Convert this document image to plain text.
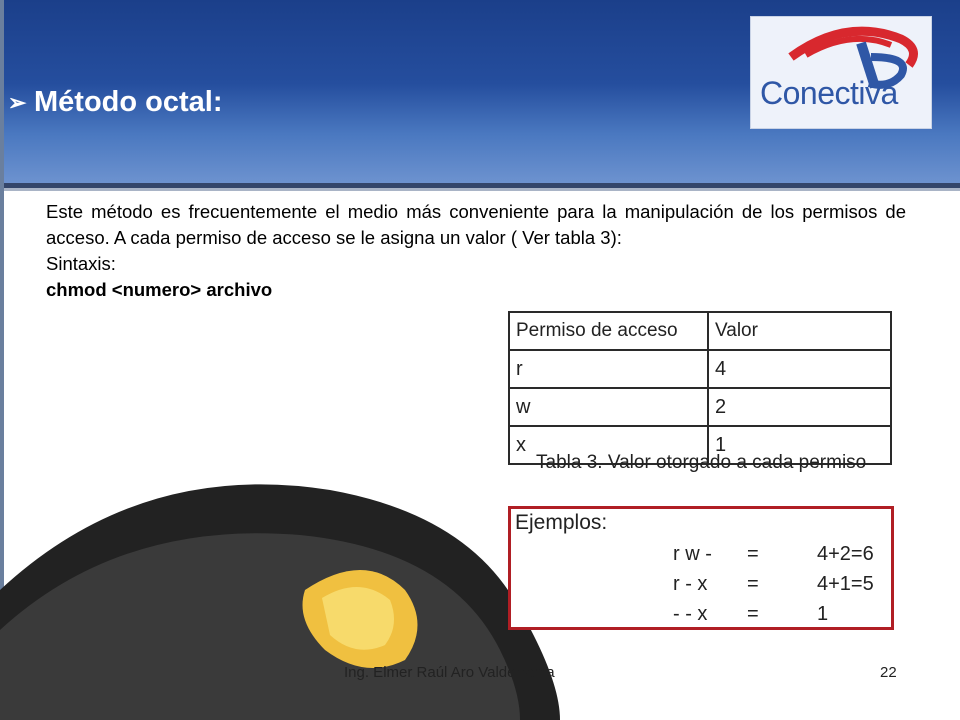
➢ Método octal:	Conectiva

Este método es frecuentemente el medio más conveniente para la manipulación de los permisos de acceso. A cada permiso de acceso se le asigna un valor ( Ver tabla 3):

Sintaxis:

chmod <numero> archivo

Permiso de acceso	Valor
r	4
w	2
x	1
Tabla 3. Valor otorgado a cada permiso
Ejemplos:
r w - =	4+2=6
r - x =	4+1=5
- - x =	1
Ing. Elmer Raúl Aro Valderrama	22
